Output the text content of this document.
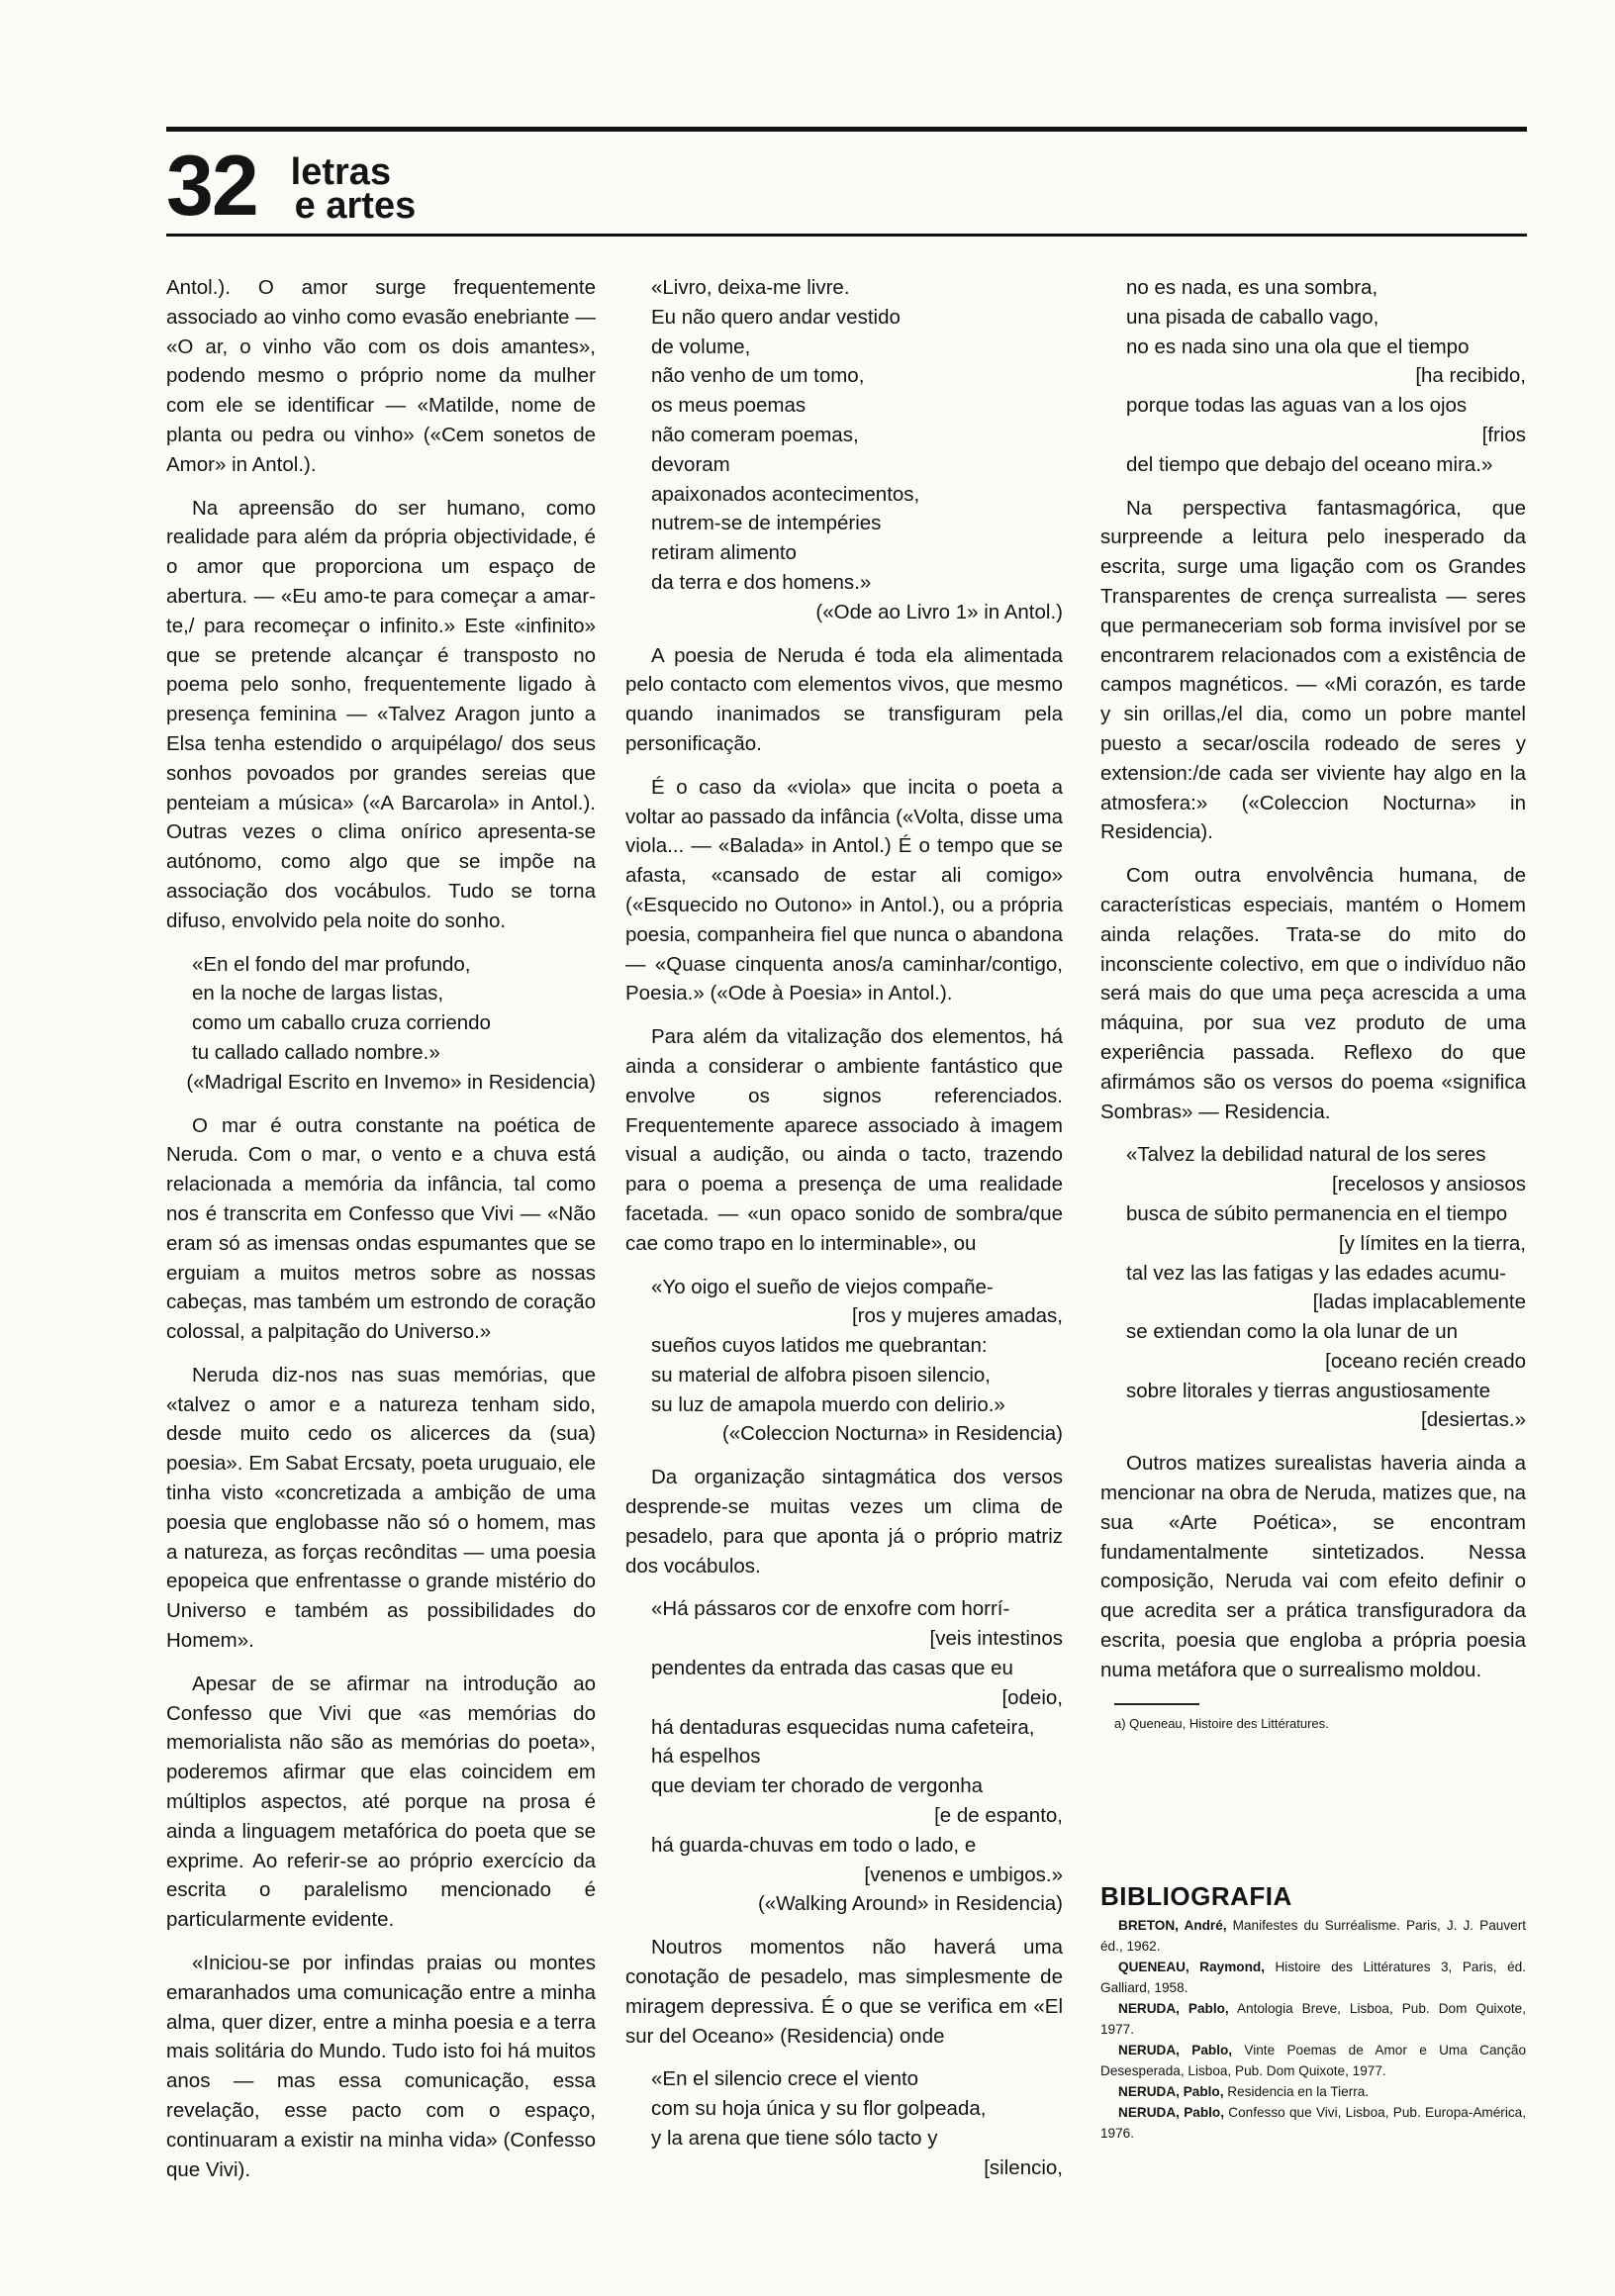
32 letras
e artes

Antol.). O amor surge frequentemente associado ao vinho como evasão enebriante — «O ar, o vinho vão com os dois amantes», podendo mesmo o próprio nome da mulher com ele se identificar — «Matilde, nome de planta ou pedra ou vinho» («Cem sonetos de Amor» in Antol.).

Na apreensão do ser humano, como realidade para além da própria objectividade, é o amor que proporciona um espaço de abertura. — «Eu amo-te para começar a amar-te,/ para recomeçar o infinito.» Este «infinito» que se pretende alcançar é transposto no poema pelo sonho, frequentemente ligado à presença feminina — «Talvez Aragon junto a Elsa tenha estendido o arquipélago/ dos seus sonhos povoados por grandes sereias que penteiam a música» («A Barcarola» in Antol.). Outras vezes o clima onírico apresenta-se autónomo, como algo que se impõe na associação dos vocábulos. Tudo se torna difuso, envolvido pela noite do sonho.

«En el fondo del mar profundo,
en la noche de largas listas,
como um caballo cruza corriendo
tu callado callado nombre.»
(«Madrigal Escrito en Invemo» in Residencia)

O mar é outra constante na poética de Neruda. Com o mar, o vento e a chuva está relacionada a memória da infância, tal como nos é transcrita em Confesso que Vivi — «Não eram só as imensas ondas espumantes que se erguiam a muitos metros sobre as nossas cabeças, mas também um estrondo de coração colossal, a palpitação do Universo.»

Neruda diz-nos nas suas memórias, que «talvez o amor e a natureza tenham sido, desde muito cedo os alicerces da (sua) poesia». Em Sabat Ercsaty, poeta uruguaio, ele tinha visto «concretizada a ambição de uma poesia que englobasse não só o homem, mas a natureza, as forças recônditas — uma poesia epopeica que enfrentasse o grande mistério do Universo e também as possibilidades do Homem».

Apesar de se afirmar na introdução ao Confesso que Vivi que «as memórias do memorialista não são as memórias do poeta», poderemos afirmar que elas coincidem em múltiplos aspectos, até porque na prosa é ainda a linguagem metafórica do poeta que se exprime. Ao referir-se ao próprio exercício da escrita o paralelismo mencionado é particularmente evidente.

«Iniciou-se por infindas praias ou montes emaranhados uma comunicação entre a minha alma, quer dizer, entre a minha poesia e a terra mais solitária do Mundo. Tudo isto foi há muitos anos — mas essa comunicação, essa revelação, esse pacto com o espaço, continuaram a existir na minha vida» (Confesso que Vivi).

«Livro, deixa-me livre.
Eu não quero andar vestido
de volume,
não venho de um tomo,
os meus poemas
não comeram poemas,
devoram
apaixonados acontecimentos,
nutrem-se de intempéries
retiram alimento
da terra e dos homens.»
(«Ode ao Livro 1» in Antol.)

A poesia de Neruda é toda ela alimentada pelo contacto com elementos vivos, que mesmo quando inanimados se transfiguram pela personificação.

É o caso da «viola» que incita o poeta a voltar ao passado da infância («Volta, disse uma viola... — «Balada» in Antol.) É o tempo que se afasta, «cansado de estar ali comigo» («Esquecido no Outono» in Antol.), ou a própria poesia, companheira fiel que nunca o abandona — «Quase cinquenta anos/a caminhar/contigo, Poesia.» («Ode à Poesia» in Antol.).

Para além da vitalização dos elementos, há ainda a considerar o ambiente fantástico que envolve os signos referenciados. Frequentemente aparece associado à imagem visual a audição, ou ainda o tacto, trazendo para o poema a presença de uma realidade facetada. — «un opaco sonido de sombra/que cae como trapo en lo interminable», ou

«Yo oigo el sueño de viejos compañe-
[ros y mujeres amadas,
sueños cuyos latidos me quebrantan:
su material de alfobra pisoen silencio,
su luz de amapola muerdo con delirio.»
(«Coleccion Nocturna» in Residencia)

Da organização sintagmática dos versos desprende-se muitas vezes um clima de pesadelo, para que aponta já o próprio matriz dos vocábulos.

«Há pássaros cor de enxofre com horrí-
[veis intestinos
pendentes da entrada das casas que eu
[odeio,
há dentaduras esquecidas numa cafeteira,
há espelhos
que deviam ter chorado de vergonha
[e de espanto,
há guarda-chuvas em todo o lado, e
[venenos e umbigos.»
(«Walking Around» in Residencia)

Noutros momentos não haverá uma conotação de pesadelo, mas simplesmente de miragem depressiva. É o que se verifica em «El sur del Oceano» (Residencia) onde

«En el silencio crece el viento
com su hoja única y su flor golpeada,
y la arena que tiene sólo tacto y
[silencio,
no es nada, es una sombra,
una pisada de caballo vago,
no es nada sino una ola que el tiempo
[ha recibido,
porque todas las aguas van a los ojos
[frios
del tiempo que debajo del oceano mira.»

Na perspectiva fantasmagórica, que surpreende a leitura pelo inesperado da escrita, surge uma ligação com os Grandes Transparentes de crença surrealista — seres que permaneceriam sob forma invisível por se encontrarem relacionados com a existência de campos magnéticos. — «Mi corazón, es tarde y sin orillas,/el dia, como un pobre mantel puesto a secar/oscila rodeado de seres y extension:/de cada ser viviente hay algo en la atmosfera:» («Coleccion Nocturna» in Residencia).

Com outra envolvência humana, de características especiais, mantém o Homem ainda relações. Trata-se do mito do inconsciente colectivo, em que o indivíduo não será mais do que uma peça acrescida a uma máquina, por sua vez produto de uma experiência passada. Reflexo do que afirmámos são os versos do poema «significa Sombras» — Residencia.

«Talvez la debilidad natural de los seres
[recelosos y ansiosos
busca de súbito permanencia en el tiempo
[y límites en la tierra,
tal vez las las fatigas y las edades acumu-
[ladas implacablemente
se extiendan como la ola lunar de un
[oceano recién creado
sobre litorales y tierras angustiosamente
[desiertas.»

Outros matizes surealistas haveria ainda a mencionar na obra de Neruda, matizes que, na sua «Arte Poética», se encontram fundamentalmente sintetizados. Nessa composição, Neruda vai com efeito definir o que acredita ser a prática transfiguradora da escrita, poesia que engloba a própria poesia numa metáfora que o surrealismo moldou.

a) Queneau, Histoire des Littératures.
BIBLIOGRAFIA
BRETON, André, Manifestes du Surréalisme. Paris, J. J. Pauvert éd., 1962.
QUENEAU, Raymond, Histoire des Littératures 3, Paris, éd. Galliard, 1958.
NERUDA, Pablo, Antologia Breve, Lisboa, Pub. Dom Quixote, 1977.
NERUDA, Pablo, Vinte Poemas de Amor e Uma Canção Desesperada, Lisboa, Pub. Dom Quixote, 1977.
NERUDA, Pablo, Residencia en la Tierra.
NERUDA, Pablo, Confesso que Vivi, Lisboa, Pub. Europa-América, 1976.
